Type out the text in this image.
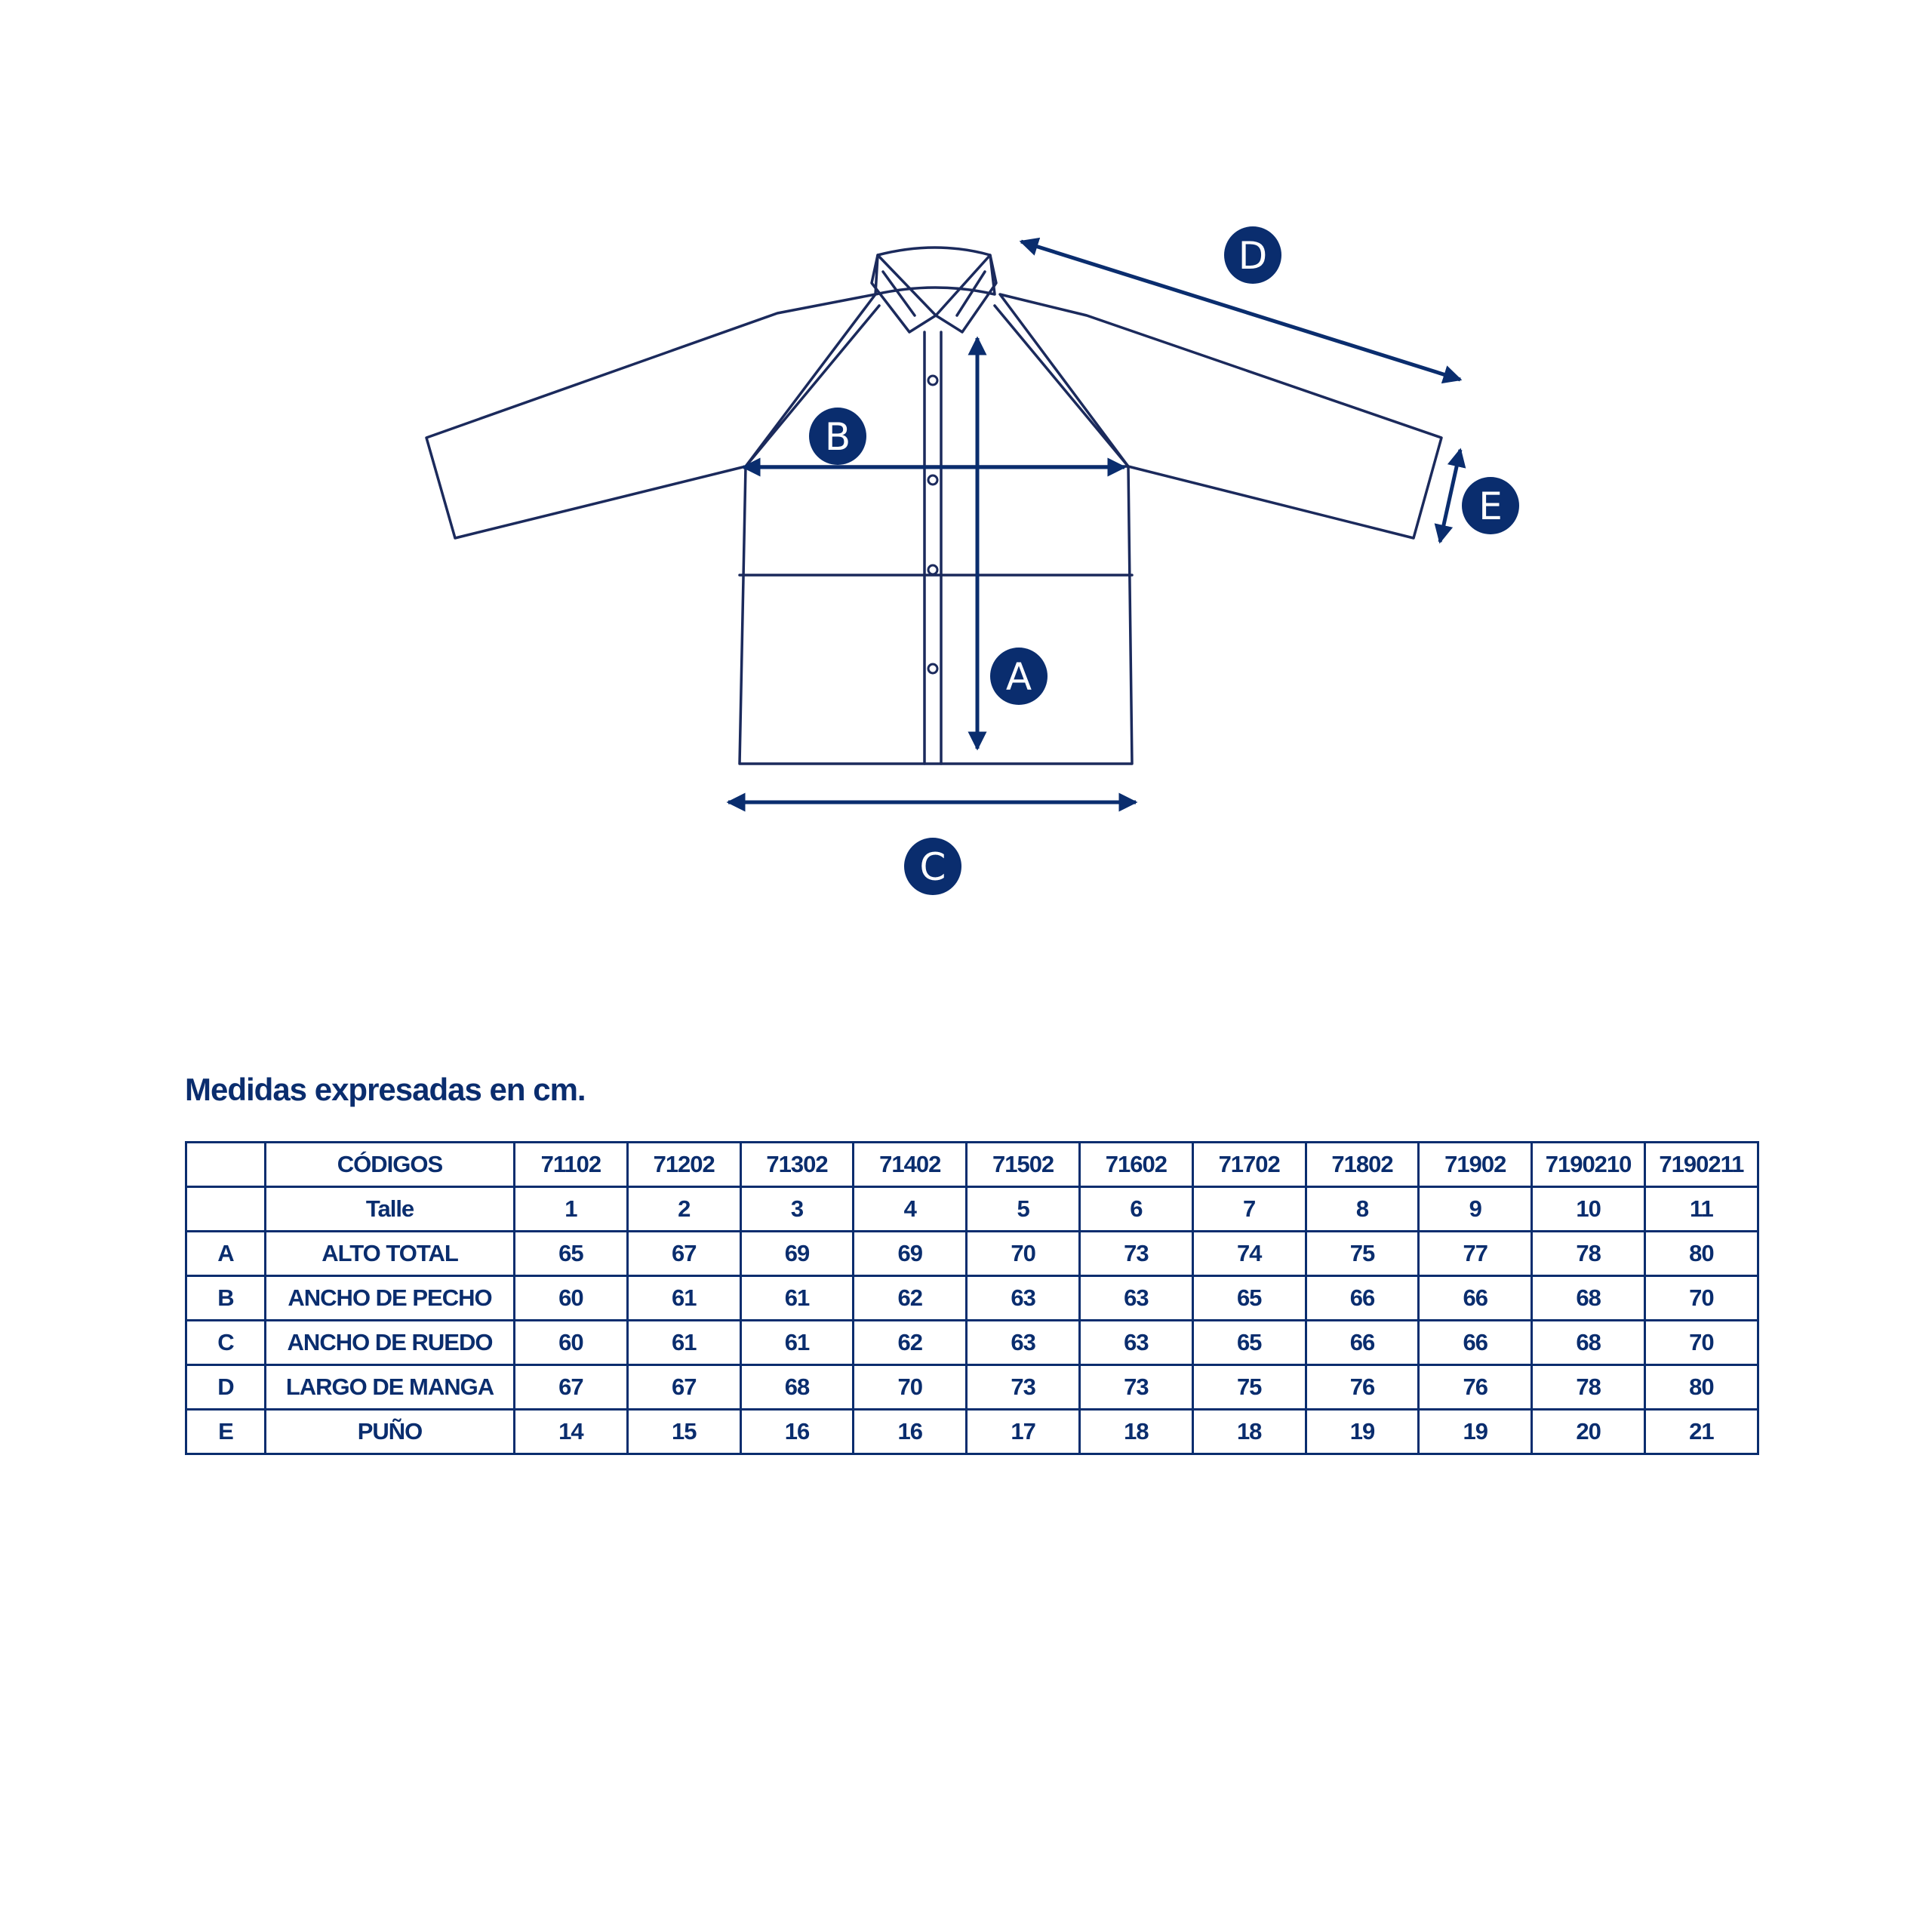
A
B
C
D
E
Medidas expresadas en cm.
	CÓDIGOS	71102	71202	71302	71402	71502	71602	71702	71802	71902	7190210	7190211
	Talle	1	2	3	4	5	6	7	8	9	10	11
A	ALTO TOTAL	65	67	69	69	70	73	74	75	77	78	80
B	ANCHO DE PECHO	60	61	61	62	63	63	65	66	66	68	70
C	ANCHO DE RUEDO	60	61	61	62	63	63	65	66	66	68	70
D	LARGO DE MANGA	67	67	68	70	73	73	75	76	76	78	80
E	PUÑO	14	15	16	16	17	18	18	19	19	20	21
